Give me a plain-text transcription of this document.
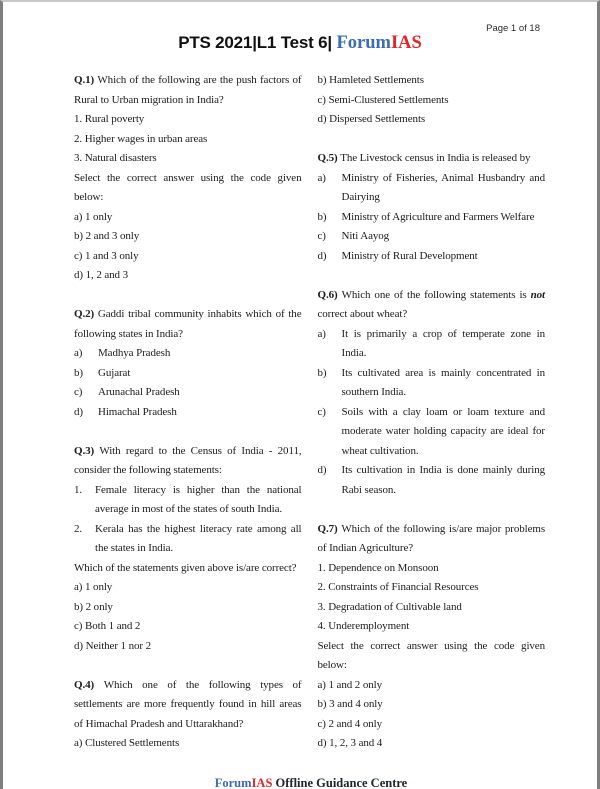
Page 1 of 18
PTS 2021|L1 Test 6| ForumIAS

Q.1) Which of the following are the push factors of Rural to Urban migration in India?

1. Rural poverty

2. Higher wages in urban areas

3. Natural disasters

Select the correct answer using the code given below:

a) 1 only

b) 2 and 3 only

c) 1 and 3 only

d) 1, 2 and 3

Q.2) Gaddi tribal community inhabits which of the following states in India?

a) Madhya Pradesh

b) Gujarat

c) Arunachal Pradesh

d) Himachal Pradesh

Q.3) With regard to the Census of India - 2011, consider the following statements:

1. Female literacy is higher than the national average in most of the states of south India.

2. Kerala has the highest literacy rate among all the states in India.

Which of the statements given above is/are correct?

a) 1 only

b) 2 only

c) Both 1 and 2

d) Neither 1 nor 2

Q.4) Which one of the following types of settlements are more frequently found in hill areas of Himachal Pradesh and Uttarakhand?

a) Clustered Settlements

b) Hamleted Settlements

c) Semi-Clustered Settlements

d) Dispersed Settlements

Q.5) The Livestock census in India is released by

a) Ministry of Fisheries, Animal Husbandry and Dairying

b) Ministry of Agriculture and Farmers Welfare

c) Niti Aayog

d) Ministry of Rural Development

Q.6) Which one of the following statements is not correct about wheat?

a) It is primarily a crop of temperate zone in India.

b) Its cultivated area is mainly concentrated in southern India.

c) Soils with a clay loam or loam texture and moderate water holding capacity are ideal for wheat cultivation.

d) Its cultivation in India is done mainly during Rabi season.

Q.7) Which of the following is/are major problems of Indian Agriculture?

1. Dependence on Monsoon

2. Constraints of Financial Resources

3. Degradation of Cultivable land

4. Underemployment

Select the correct answer using the code given below:

a) 1 and 2 only

b) 3 and 4 only

c) 2 and 4 only

d) 1, 2, 3 and 4

ForumIAS Offline Guidance Centre
